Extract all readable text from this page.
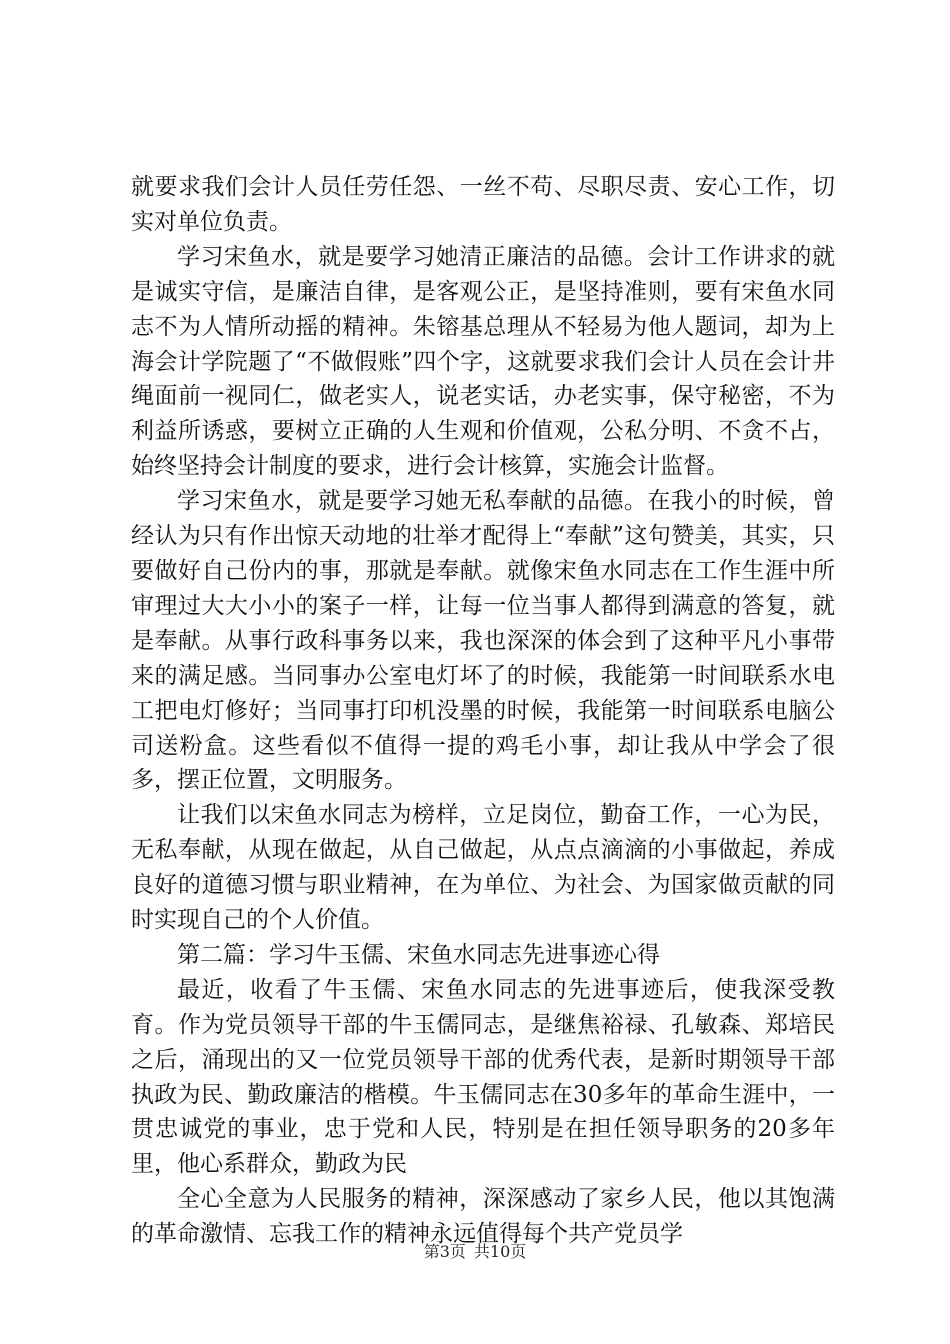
就要求我们会计人员任劳任怨、一丝不苟、尽职尽责、安心工作，切实对单位负责。

学习宋鱼水，就是要学习她清正廉洁的品德。会计工作讲求的就是诚实守信，是廉洁自律，是客观公正，是坚持准则，要有宋鱼水同志不为人情所动摇的精神。朱镕基总理从不轻易为他人题词，却为上海会计学院题了“不做假账”四个字，这就要求我们会计人员在会计井绳面前一视同仁，做老实人，说老实话，办老实事，保守秘密，不为利益所诱惑，要树立正确的人生观和价值观，公私分明、不贪不占，始终坚持会计制度的要求，进行会计核算，实施会计监督。

学习宋鱼水，就是要学习她无私奉献的品德。在我小的时候，曾经认为只有作出惊天动地的壮举才配得上“奉献”这句赞美，其实，只要做好自己份内的事，那就是奉献。就像宋鱼水同志在工作生涯中所审理过大大小小的案子一样，让每一位当事人都得到满意的答复，就是奉献。从事行政科事务以来，我也深深的体会到了这种平凡小事带来的满足感。当同事办公室电灯坏了的时候，我能第一时间联系水电工把电灯修好；当同事打印机没墨的时候，我能第一时间联系电脑公司送粉盒。这些看似不值得一提的鸡毛小事，却让我从中学会了很多，摆正位置，文明服务。

让我们以宋鱼水同志为榜样，立足岗位，勤奋工作，一心为民，无私奉献，从现在做起，从自己做起，从点点滴滴的小事做起，养成良好的道德习惯与职业精神，在为单位、为社会、为国家做贡献的同时实现自己的个人价值。

第二篇：学习牛玉儒、宋鱼水同志先进事迹心得

最近，收看了牛玉儒、宋鱼水同志的先进事迹后，使我深受教育。作为党员领导干部的牛玉儒同志，是继焦裕禄、孔敏森、郑培民之后，涌现出的又一位党员领导干部的优秀代表，是新时期领导干部执政为民、勤政廉洁的楷模。牛玉儒同志在30多年的革命生涯中，一贯忠诚党的事业，忠于党和人民，特别是在担任领导职务的20多年里，他心系群众，勤政为民

全心全意为人民服务的精神，深深感动了家乡人民，他以其饱满的革命激情、忘我工作的精神永远值得每个共产党员学

第3页 共10页
